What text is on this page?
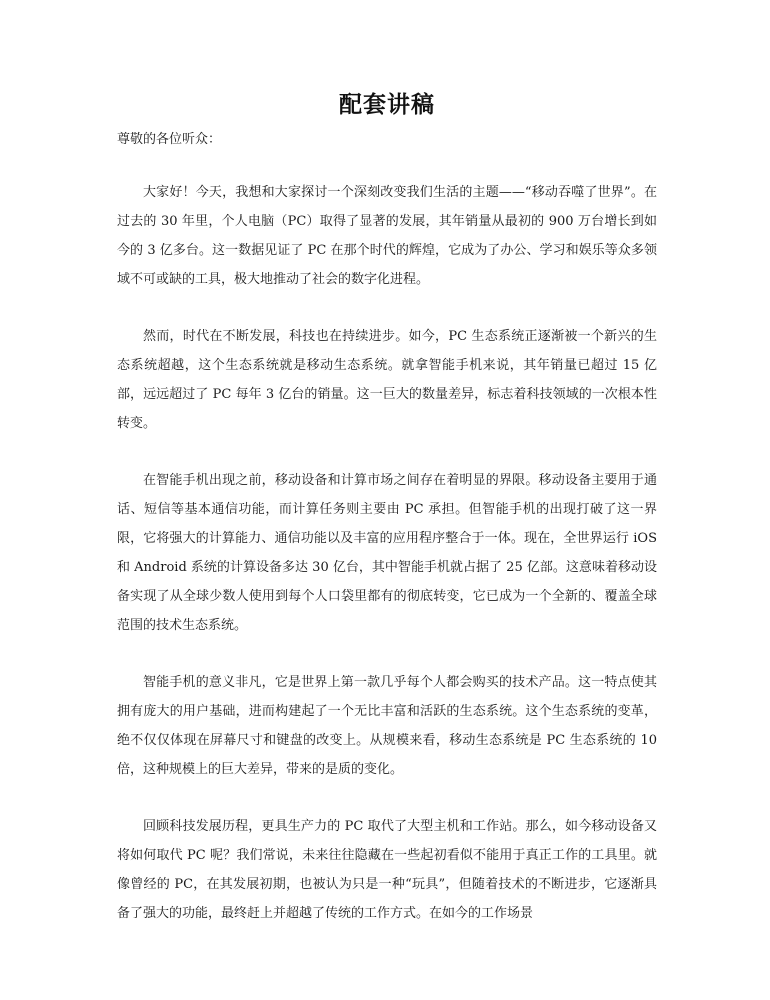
配套讲稿

尊敬的各位听众：

大家好！今天，我想和大家探讨一个深刻改变我们生活的主题——“移动吞噬了世界”。在过去的 30 年里，个人电脑（PC）取得了显著的发展，其年销量从最初的 900 万台增长到如今的 3 亿多台。这一数据见证了 PC 在那个时代的辉煌，它成为了办公、学习和娱乐等众多领域不可或缺的工具，极大地推动了社会的数字化进程。

然而，时代在不断发展，科技也在持续进步。如今，PC 生态系统正逐渐被一个新兴的生态系统超越，这个生态系统就是移动生态系统。就拿智能手机来说，其年销量已超过 15 亿部，远远超过了 PC 每年 3 亿台的销量。这一巨大的数量差异，标志着科技领域的一次根本性转变。

在智能手机出现之前，移动设备和计算市场之间存在着明显的界限。移动设备主要用于通话、短信等基本通信功能，而计算任务则主要由 PC 承担。但智能手机的出现打破了这一界限，它将强大的计算能力、通信功能以及丰富的应用程序整合于一体。现在，全世界运行 iOS 和 Android 系统的计算设备多达 30 亿台，其中智能手机就占据了 25 亿部。这意味着移动设备实现了从全球少数人使用到每个人口袋里都有的彻底转变，它已成为一个全新的、覆盖全球范围的技术生态系统。

智能手机的意义非凡，它是世界上第一款几乎每个人都会购买的技术产品。这一特点使其拥有庞大的用户基础，进而构建起了一个无比丰富和活跃的生态系统。这个生态系统的变革，绝不仅仅体现在屏幕尺寸和键盘的改变上。从规模来看，移动生态系统是 PC 生态系统的 10 倍，这种规模上的巨大差异，带来的是质的变化。

回顾科技发展历程，更具生产力的 PC 取代了大型主机和工作站。那么，如今移动设备又将如何取代 PC 呢？我们常说，未来往往隐藏在一些起初看似不能用于真正工作的工具里。就像曾经的 PC，在其发展初期，也被认为只是一种“玩具”，但随着技术的不断进步，它逐渐具备了强大的功能，最终赶上并超越了传统的工作方式。在如今的工作场景
